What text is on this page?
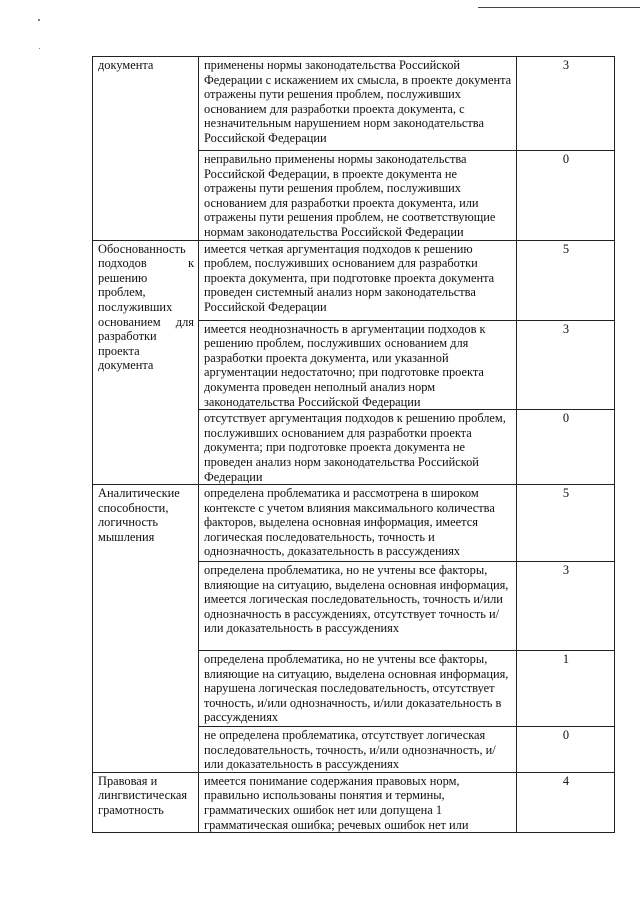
документа	применены нормы законодательства Российской Федерации с искажением их смысла, в проекте документа отражены пути решения проблем, послуживших основанием для разработки проекта документа, с незначительным нарушением норм законодательства Российской Федерации	3

	неправильно применены нормы законодательства Российской Федерации, в проекте документа не отражены пути решения проблем, послуживших основанием для разработки проекта документа, или отражены пути решения проблем, не соответствующие нормам законодательства Российской Федерации	0

Обоснованность подходов к решению проблем, послуживших основанием для разработки проекта документа	имеется четкая аргументация подходов к решению проблем, послуживших основанием для разработки проекта документа, при подготовке проекта документа проведен системный анализ норм законодательства Российской Федерации	5

	имеется неоднозначность в аргументации подходов к решению проблем, послуживших основанием для разработки проекта документа, или указанной аргументации недостаточно; при подготовке проекта документа проведен неполный анализ норм законодательства Российской Федерации	3

	отсутствует аргументация подходов к решению проблем, послуживших основанием для разработки проекта документа; при подготовке проекта документа не проведен анализ норм законодательства Российской Федерации	0

Аналитические способности, логичность мышления	определена проблематика и рассмотрена в широком контексте с учетом влияния максимального количества факторов, выделена основная информация, имеется логическая последовательность, точность и однозначность, доказательность в рассуждениях	5

	определена проблематика, но не учтены все факторы, влияющие на ситуацию, выделена основная информация, имеется логическая последовательность, точность и/или однозначность в рассуждениях, отсутствует точность и/или доказательность в рассуждениях	3

	определена проблематика, но не учтены все факторы, влияющие на ситуацию, выделена основная информация, нарушена логическая последовательность, отсутствует точность, и/или однозначность, и/или доказательность в рассуждениях	1

	не определена проблематика, отсутствует логическая последовательность, точность, и/или однозначность, и/или доказательность в рассуждениях	0

Правовая и лингвистическая грамотность	имеется понимание содержания правовых норм, правильно использованы понятия и термины, грамматических ошибок нет или допущена 1 грамматическая ошибка; речевых ошибок нет или	4
